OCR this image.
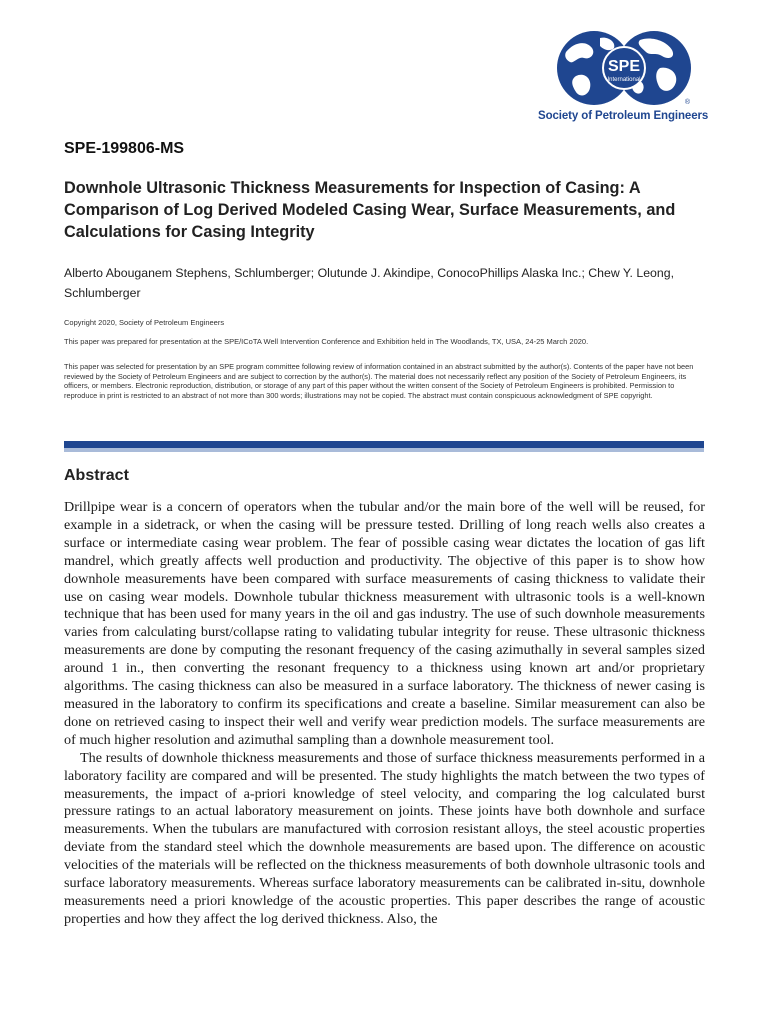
SPE
International
®
Society of Petroleum Engineers
SPE-199806-MS
Downhole Ultrasonic Thickness Measurements for Inspection of Casing: A Comparison of Log Derived Modeled Casing Wear, Surface Measurements, and Calculations for Casing Integrity

Alberto Abouganem Stephens, Schlumberger; Olutunde J. Akindipe, ConocoPhillips Alaska Inc.; Chew Y. Leong, Schlumberger

Copyright 2020, Society of Petroleum Engineers

This paper was prepared for presentation at the SPE/ICoTA Well Intervention Conference and Exhibition held in The Woodlands, TX, USA, 24-25 March 2020.

This paper was selected for presentation by an SPE program committee following review of information contained in an abstract submitted by the author(s). Contents of the paper have not been reviewed by the Society of Petroleum Engineers and are subject to correction by the author(s). The material does not necessarily reflect any position of the Society of Petroleum Engineers, its officers, or members. Electronic reproduction, distribution, or storage of any part of this paper without the written consent of the Society of Petroleum Engineers is prohibited. Permission to reproduce in print is restricted to an abstract of not more than 300 words; illustrations may not be copied. The abstract must contain conspicuous acknowledgment of SPE copyright.

Abstract

Drillpipe wear is a concern of operators when the tubular and/or the main bore of the well will be reused, for example in a sidetrack, or when the casing will be pressure tested. Drilling of long reach wells also creates a surface or intermediate casing wear problem. The fear of possible casing wear dictates the location of gas lift mandrel, which greatly affects well production and productivity. The objective of this paper is to show how downhole measurements have been compared with surface measurements of casing thickness to validate their use on casing wear models. Downhole tubular thickness measurement with ultrasonic tools is a well-known technique that has been used for many years in the oil and gas industry. The use of such downhole measurements varies from calculating burst/collapse rating to validating tubular integrity for reuse. These ultrasonic thickness measurements are done by computing the resonant frequency of the casing azimuthally in several samples sized around 1 in., then converting the resonant frequency to a thickness using known art and/or proprietary algorithms. The casing thickness can also be measured in a surface laboratory. The thickness of newer casing is measured in the laboratory to confirm its specifications and create a baseline. Similar measurement can also be done on retrieved casing to inspect their well and verify wear prediction models. The surface measurements are of much higher resolution and azimuthal sampling than a downhole measurement tool.

The results of downhole thickness measurements and those of surface thickness measurements performed in a laboratory facility are compared and will be presented. The study highlights the match between the two types of measurements, the impact of a-priori knowledge of steel velocity, and comparing the log calculated burst pressure ratings to an actual laboratory measurement on joints. These joints have both downhole and surface measurements. When the tubulars are manufactured with corrosion resistant alloys, the steel acoustic properties deviate from the standard steel which the downhole measurements are based upon. The difference on acoustic velocities of the materials will be reflected on the thickness measurements of both downhole ultrasonic tools and surface laboratory measurements. Whereas surface laboratory measurements can be calibrated in-situ, downhole measurements need a priori knowledge of the acoustic properties. This paper describes the range of acoustic properties and how they affect the log derived thickness. Also, the
